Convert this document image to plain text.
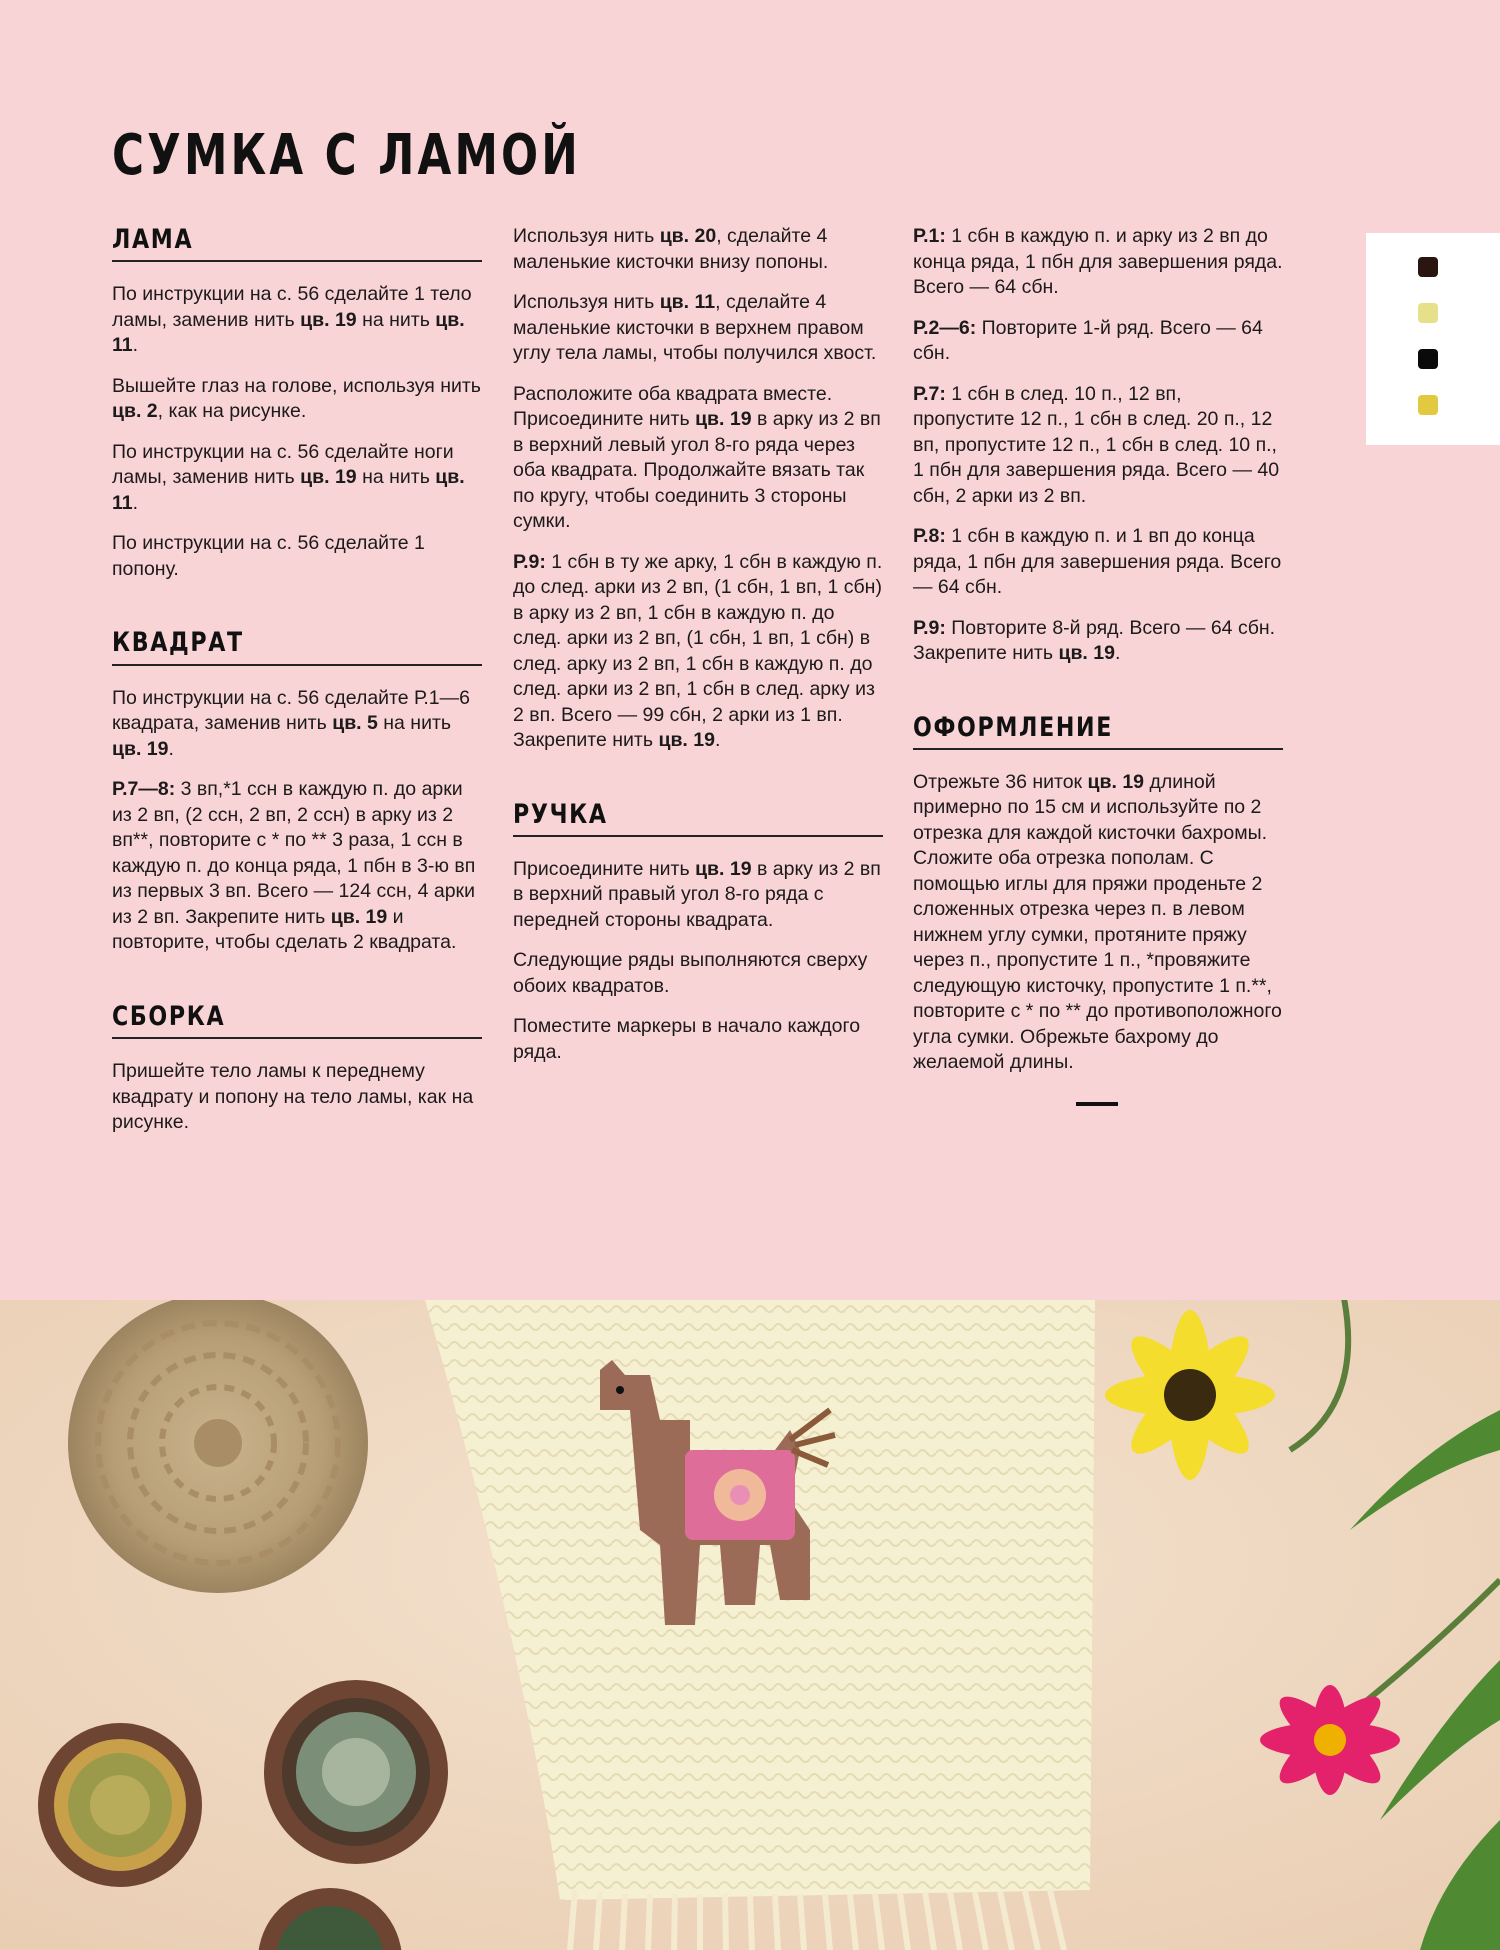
СУМКА С ЛАМОЙ
ЛАМА

По инструкции на с. 56 сделайте 1 тело ламы, заменив нить цв. 19 на нить цв. 11.

Вышейте глаз на голове, используя нить цв. 2, как на рисунке.

По инструкции на с. 56 сделайте ноги ламы, заменив нить цв. 19 на нить цв. 11.

По инструкции на с. 56 сделайте 1 попону.

КВАДРАТ

По инструкции на с. 56 сделайте Р.1—6 квадрата, заменив нить цв. 5 на нить цв. 19.

Р.7—8: 3 вп,*1 ссн в каждую п. до арки из 2 вп, (2 ссн, 2 вп, 2 ссн) в арку из 2 вп**, повторите с * по ** 3 раза, 1 ссн в каждую п. до конца ряда, 1 пбн в 3-ю вп из первых 3 вп. Всего — 124 ссн, 4 арки из 2 вп. Закрепите нить цв. 19 и повторите, чтобы сделать 2 квадрата.

СБОРКА

Пришейте тело ламы к переднему квадрату и попону на тело ламы, как на рисунке.

Используя нить цв. 20, сделайте 4 маленькие кисточки внизу попоны.

Используя нить цв. 11, сделайте 4 маленькие кисточки в верхнем правом углу тела ламы, чтобы получился хвост.

Расположите оба квадрата вместе. Присоедините нить цв. 19 в арку из 2 вп в верхний левый угол 8-го ряда через оба квадрата. Продолжайте вязать так по кругу, чтобы соединить 3 стороны сумки.

Р.9: 1 сбн в ту же арку, 1 сбн в каждую п. до след. арки из 2 вп, (1 сбн, 1 вп, 1 сбн) в арку из 2 вп, 1 сбн в каждую п. до след. арки из 2 вп, (1 сбн, 1 вп, 1 сбн) в след. арку из 2 вп, 1 сбн в каждую п. до след. арки из 2 вп, 1 сбн в след. арку из 2 вп. Всего — 99 сбн, 2 арки из 1 вп. Закрепите нить цв. 19.

РУЧКА

Присоедините нить цв. 19 в арку из 2 вп в верхний правый угол 8-го ряда с передней стороны квадрата.

Следующие ряды выполняются сверху обоих квадратов.

Поместите маркеры в начало каждого ряда.

Р.1: 1 сбн в каждую п. и арку из 2 вп до конца ряда, 1 пбн для завершения ряда. Всего — 64 сбн.

Р.2—6: Повторите 1-й ряд. Всего — 64 сбн.

Р.7: 1 сбн в след. 10 п., 12 вп, пропустите 12 п., 1 сбн в след. 20 п., 12 вп, пропустите 12 п., 1 сбн в след. 10 п., 1 пбн для завершения ряда. Всего — 40 сбн, 2 арки из 2 вп.

Р.8: 1 сбн в каждую п. и 1 вп до конца ряда, 1 пбн для завершения ряда. Всего — 64 сбн.

Р.9: Повторите 8-й ряд. Всего — 64 сбн. Закрепите нить цв. 19.

ОФОРМЛЕНИЕ

Отрежьте 36 ниток цв. 19 длиной примерно по 15 см и используйте по 2 отрезка для каждой кисточки бахромы. Сложите оба отрезка пополам. С помощью иглы для пряжи проденьте 2 сложенных отрезка через п. в левом нижнем углу сумки, протяните пряжу через п., пропустите 1 п., *провяжите следующую кисточку, пропустите 1 п.**, повторите с * по ** до противоположного угла сумки. Обрежьте бахрому до желаемой длины.
